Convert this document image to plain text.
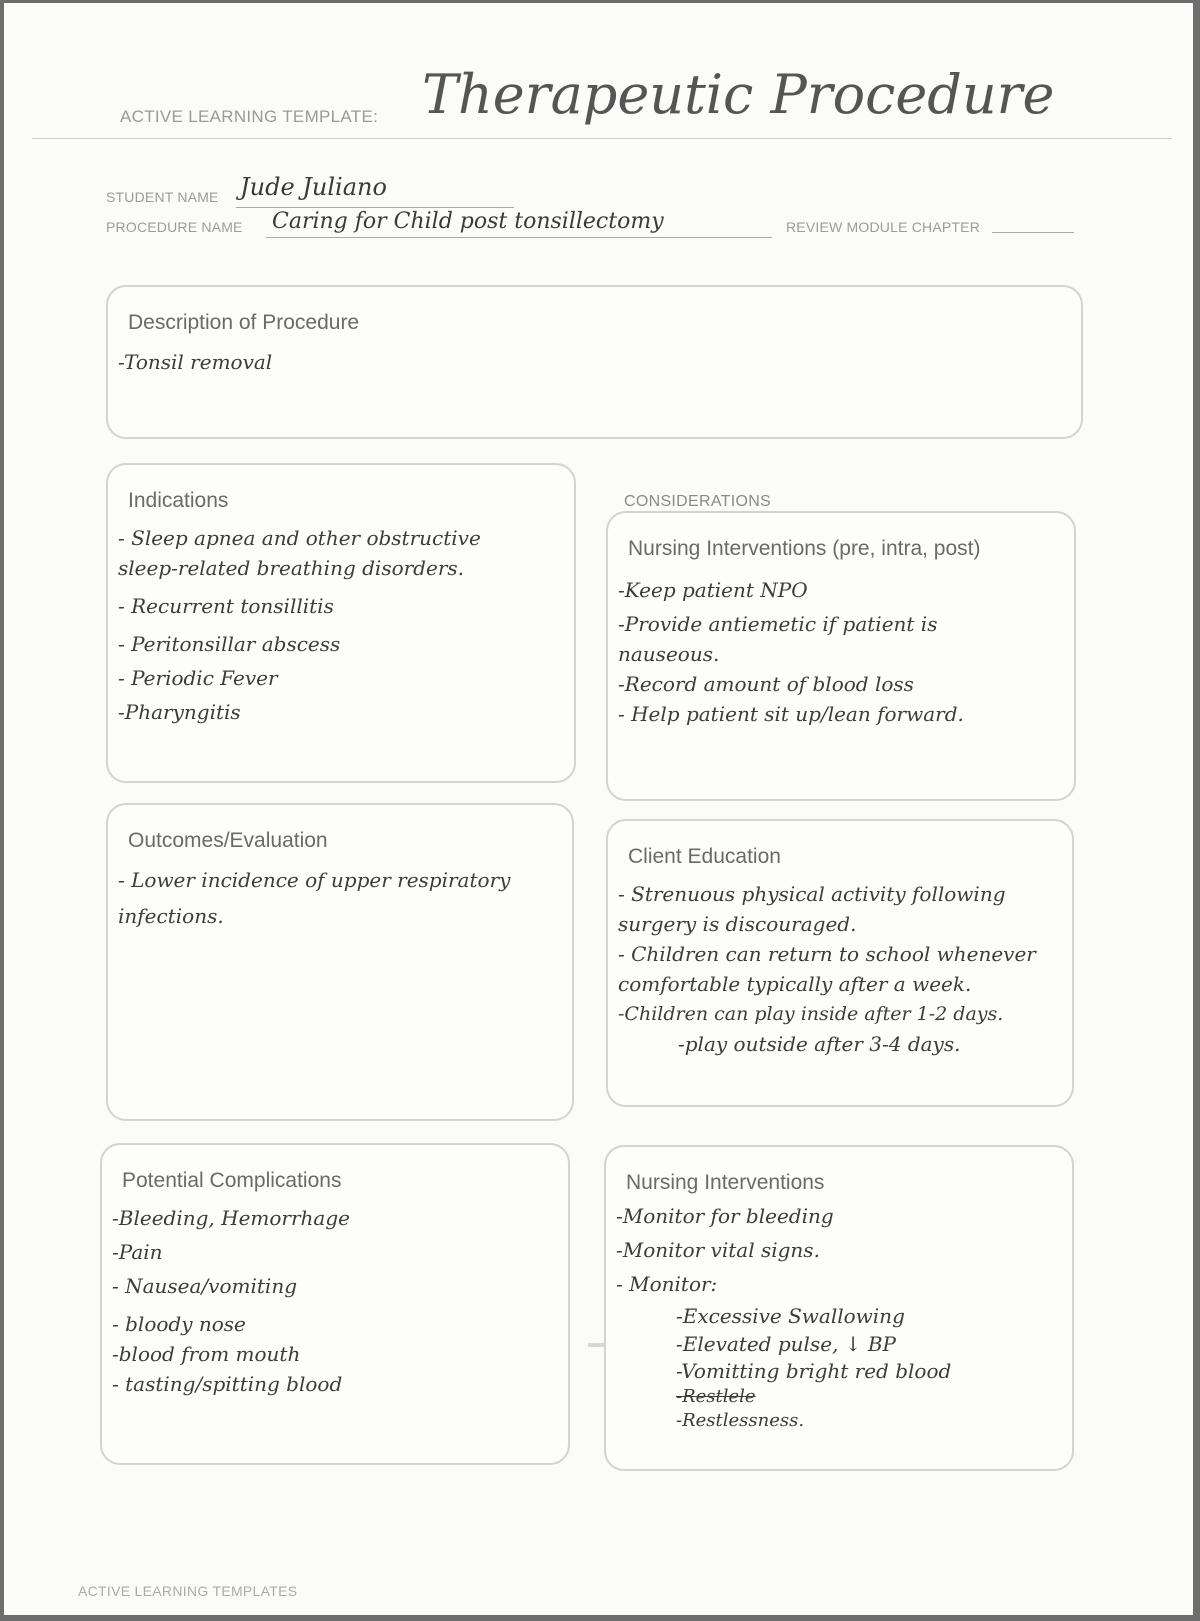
ACTIVE LEARNING TEMPLATE: Therapeutic Procedure
STUDENT NAME Jude Juliano
PROCEDURE NAME Caring for Child post tonsillectomy	REVIEW MODULE CHAPTER
Description of Procedure
-Tonsil removal
Indications
- Sleep apnea and other obstructive
sleep-related breathing disorders.
- Recurrent tonsillitis
- Peritonsillar abscess
- Periodic Fever
-Pharyngitis
CONSIDERATIONS
Nursing Interventions (pre, intra, post)
-Keep patient NPO
-Provide antiemetic if patient is
nauseous.
-Record amount of blood loss
- Help patient sit up/lean forward.
Outcomes/Evaluation
- Lower incidence of upper respiratory
infections.
Client Education
- Strenuous physical activity following
surgery is discouraged.
- Children can return to school whenever
comfortable typically after a week.
-Children can play inside after 1-2 days.
-play outside after 3-4 days.
Potential Complications
-Bleeding, Hemorrhage
-Pain
- Nausea/vomiting
- bloody nose
-blood from mouth
- tasting/spitting blood
Nursing Interventions
-Monitor for bleeding
-Monitor vital signs.
- Monitor:
-Excessive Swallowing
-Elevated pulse, ↓ BP
-Vomitting bright red blood
-Restlele
-Restlessness.
ACTIVE LEARNING TEMPLATES
